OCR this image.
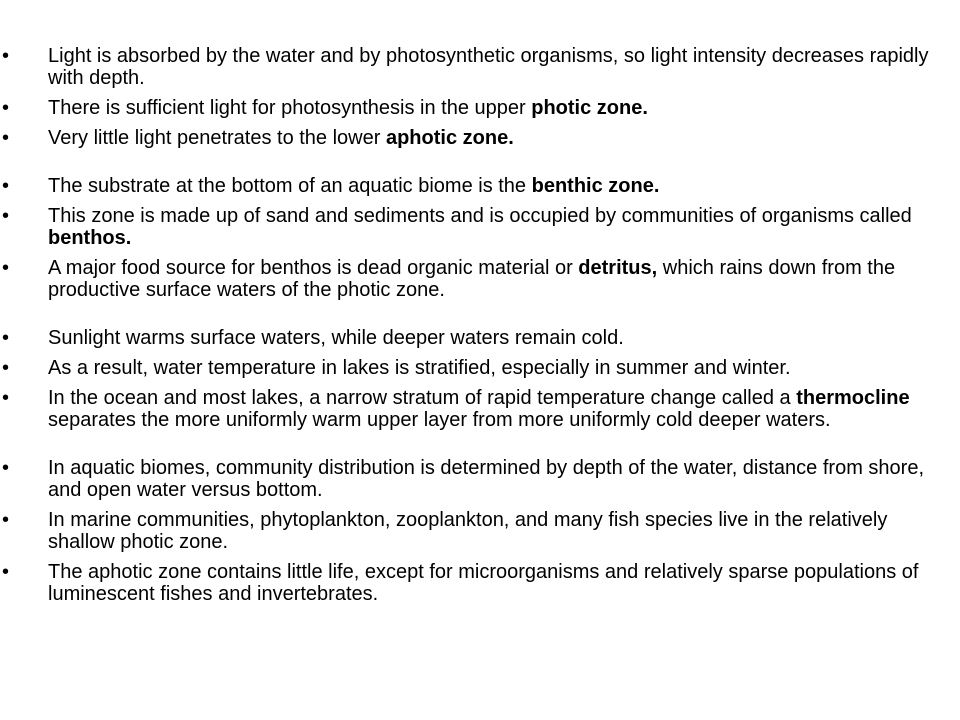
•
Light is absorbed by the water and by photosynthetic organisms, so light intensity decreases rapidly with depth.
•
There is sufficient light for photosynthesis in the upper photic zone.
•
Very little light penetrates to the lower aphotic zone.
•
The substrate at the bottom of an aquatic biome is the benthic zone.
•
This zone is made up of sand and sediments and is occupied by communities of organisms called benthos.
•
A major food source for benthos is dead organic material or detritus, which rains down from the productive surface waters of the photic zone.
•
Sunlight warms surface waters, while deeper waters remain cold.
•
As a result, water temperature in lakes is stratified, especially in summer and winter.
•
In the ocean and most lakes, a narrow stratum of rapid temperature change called a thermocline separates the more uniformly warm upper layer from more uniformly cold deeper waters.
•
In aquatic biomes, community distribution is determined by depth of the water, distance from shore, and open water versus bottom.
•
In marine communities, phytoplankton, zooplankton, and many fish species live in the relatively shallow photic zone.
•
The aphotic zone contains little life, except for microorganisms and relatively sparse populations of luminescent fishes and invertebrates.
